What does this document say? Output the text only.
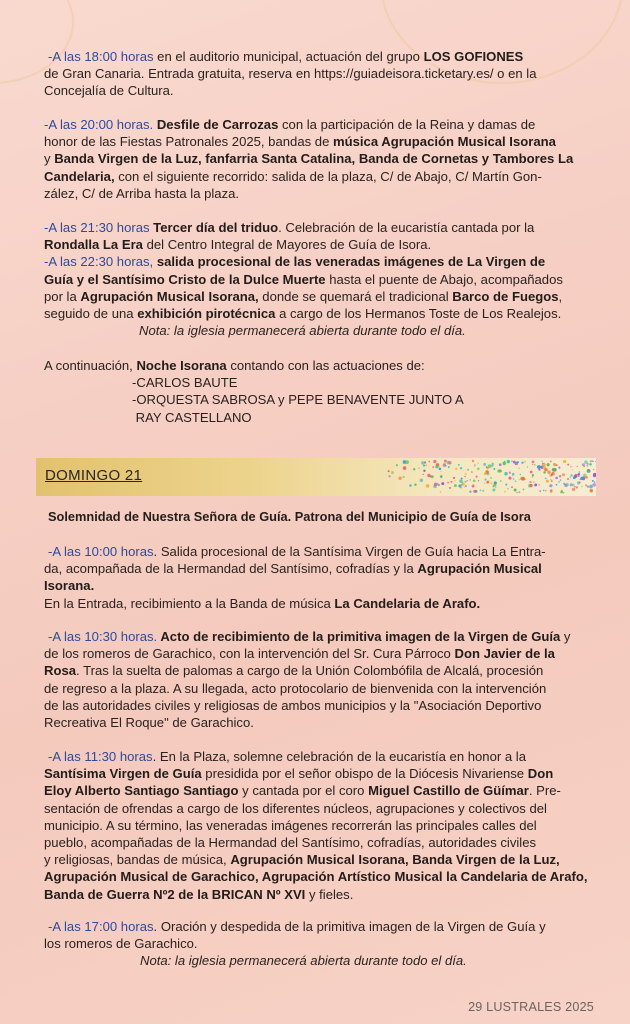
-A las 18:00 horas en el auditorio municipal, actuación del grupo LOS GOFIONES
de Gran Canaria. Entrada gratuita, reserva en https://guiadeisora.ticketary.es/ o en la
Concejalía de Cultura.
-A las 20:00 horas. Desfile de Carrozas con la participación de la Reina y damas de
honor de las Fiestas Patronales 2025, bandas de música Agrupación Musical Isorana
y Banda Virgen de la Luz, fanfarria Santa Catalina, Banda de Cornetas y Tambores La
Candelaria, con el siguiente recorrido: salida de la plaza, C/ de Abajo, C/ Martín Gon-
zález, C/ de Arriba hasta la plaza.
-A las 21:30 horas Tercer día del triduo. Celebración de la eucaristía cantada por la
Rondalla La Era del Centro Integral de Mayores de Guía de Isora.
-A las 22:30 horas, salida procesional de las veneradas imágenes de La Virgen de
Guía y el Santísimo Cristo de la Dulce Muerte hasta el puente de Abajo, acompañados
por la Agrupación Musical Isorana, donde se quemará el tradicional Barco de Fuegos,
seguido de una exhibición pirotécnica a cargo de los Hermanos Toste de Los Realejos.
Nota: la iglesia permanecerá abierta durante todo el día.
A continuación, Noche Isorana contando con las actuaciones de:
-CARLOS BAUTE
-ORQUESTA SABROSA y PEPE BENAVENTE JUNTO A
RAY CASTELLANO
DOMINGO 21
Solemnidad de Nuestra Señora de Guía. Patrona del Municipio de Guía de Isora
-A las 10:00 horas. Salida procesional de la Santísima Virgen de Guía hacia La Entra-
da, acompañada de la Hermandad del Santísimo, cofradías y la Agrupación Musical
Isorana.
En la Entrada, recibimiento a la Banda de música La Candelaria de Arafo.
-A las 10:30 horas. Acto de recibimiento de la primitiva imagen de la Virgen de Guía y
de los romeros de Garachico, con la intervención del Sr. Cura Párroco Don Javier de la
Rosa. Tras la suelta de palomas a cargo de la Unión Colombófila de Alcalá, procesión
de regreso a la plaza. A su llegada, acto protocolario de bienvenida con la intervención
de las autoridades civiles y religiosas de ambos municipios y la "Asociación Deportivo
Recreativa El Roque" de Garachico.
-A las 11:30 horas. En la Plaza, solemne celebración de la eucaristía en honor a la
Santísima Virgen de Guía presidida por el señor obispo de la Diócesis Nivariense Don
Eloy Alberto Santiago Santiago y cantada por el coro Miguel Castillo de Güímar. Pre-
sentación de ofrendas a cargo de los diferentes núcleos, agrupaciones y colectivos del
municipio. A su término, las veneradas imágenes recorrerán las principales calles del
pueblo, acompañadas de la Hermandad del Santísimo, cofradías, autoridades civiles
y religiosas, bandas de música, Agrupación Musical Isorana, Banda Virgen de la Luz,
Agrupación Musical de Garachico, Agrupación Artístico Musical la Candelaria de Arafo,
Banda de Guerra Nº2 de la BRICAN Nº XVI y fieles.
-A las 17:00 horas. Oración y despedida de la primitiva imagen de la Virgen de Guía y
los romeros de Garachico.
Nota: la iglesia permanecerá abierta durante todo el día.
29 LUSTRALES 2025
